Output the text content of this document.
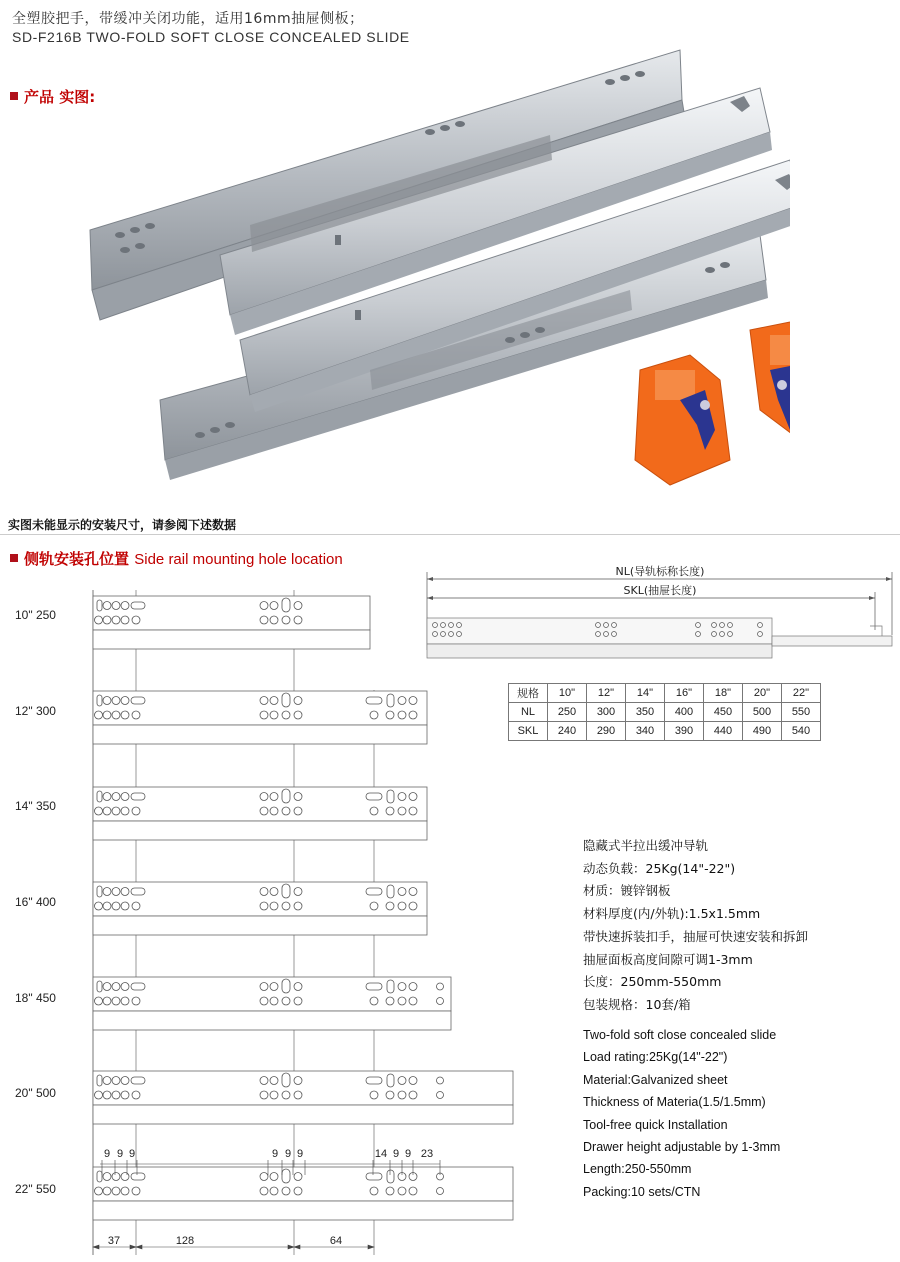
全塑胶把手，带缓冲关闭功能，适用16mm抽屉侧板；
SD-F216B TWO-FOLD SOFT CLOSE CONCEALED SLIDE
产品 实图:
实图未能显示的安装尺寸，请参阅下述数据
侧轨安装孔位置 Side rail mounting hole location
10" 250
12" 300
14" 350
16" 400
18" 450
20" 500
22" 550
9 9 9	9 9 9	14 9 9 23
37	128	64
NL(导轨标称长度)
SKL(抽屉长度)
规格	10"	12"	14"	16"	18"	20"	22"
NL	250	300	350	400	450	500	550
SKL	240	290	340	390	440	490	540
隐藏式半拉出缓冲导轨
动态负载：25Kg(14"-22")
材质：镀锌钢板
材料厚度(内/外轨):1.5x1.5mm
带快速拆装扣手，抽屉可快速安装和拆卸
抽屉面板高度间隙可调1-3mm
长度：250mm-550mm
包装规格：10套/箱
Two-fold soft close concealed slide
Load rating:25Kg(14"-22")
Material:Galvanized sheet
Thickness of Materia(1.5/1.5mm)
Tool-free quick Installation
Drawer height adjustable by 1-3mm
Length:250-550mm
Packing:10 sets/CTN
